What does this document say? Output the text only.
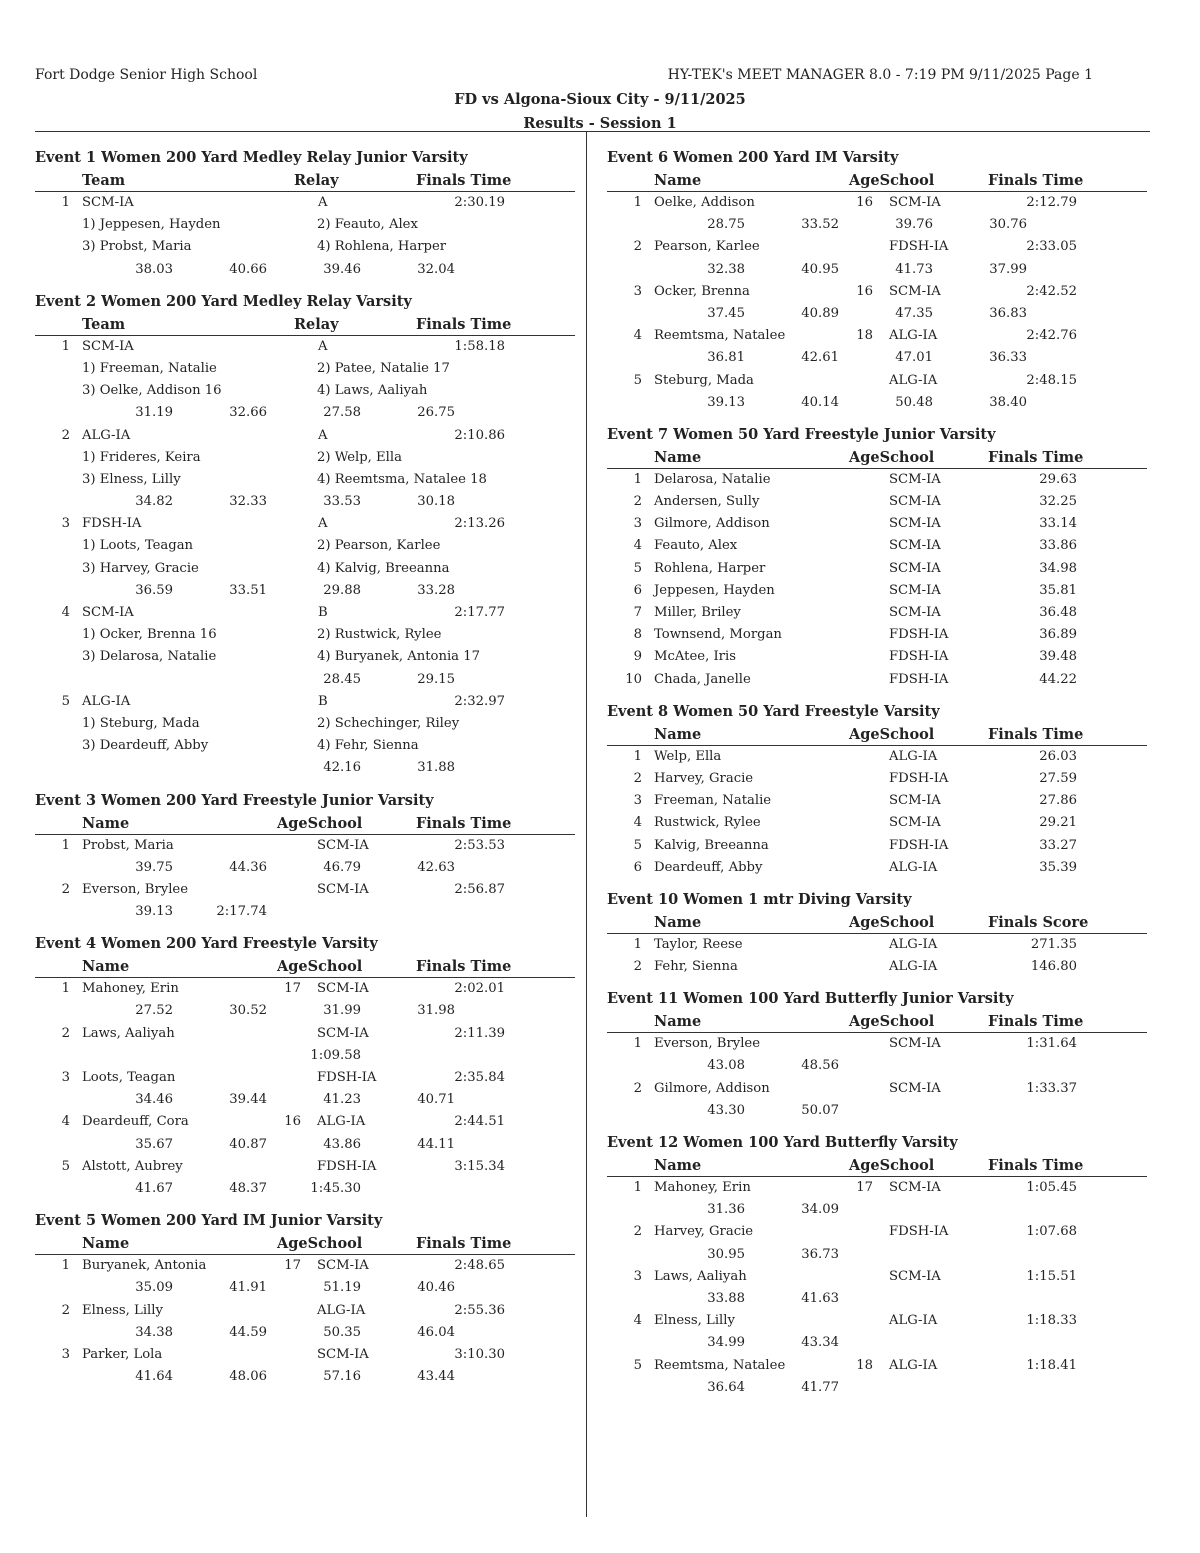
Fort Dodge Senior High School	HY-TEK's MEET MANAGER 8.0 - 7:19 PM 9/11/2025 Page 1
FD vs Algona-Sioux City - 9/11/2025
Results - Session 1
Event 1 Women 200 Yard Medley Relay Junior Varsity
Team	Relay	Finals Time
1 SCM-IA	A	2:30.19
1) Jeppesen, Hayden	2) Feauto, Alex
3) Probst, Maria	4) Rohlena, Harper
38.03	40.66	39.46	32.04
Event 2 Women 200 Yard Medley Relay Varsity
Team	Relay	Finals Time
1 SCM-IA	A	1:58.18
1) Freeman, Natalie	2) Patee, Natalie 17
3) Oelke, Addison 16	4) Laws, Aaliyah
31.19	32.66	27.58	26.75
2 ALG-IA	A	2:10.86
1) Frideres, Keira	2) Welp, Ella
3) Elness, Lilly	4) Reemtsma, Natalee 18
34.82	32.33	33.53	30.18
3 FDSH-IA	A	2:13.26
1) Loots, Teagan	2) Pearson, Karlee
3) Harvey, Gracie	4) Kalvig, Breeanna
36.59	33.51	29.88	33.28
4 SCM-IA	B	2:17.77
1) Ocker, Brenna 16	2) Rustwick, Rylee
3) Delarosa, Natalie	4) Buryanek, Antonia 17
28.45	29.15
5 ALG-IA	B	2:32.97
1) Steburg, Mada	2) Schechinger, Riley
3) Deardeuff, Abby	4) Fehr, Sienna
42.16	31.88
Event 3 Women 200 Yard Freestyle Junior Varsity
Name	AgeSchool	Finals Time
1 Probst, Maria	SCM-IA	2:53.53
39.75	44.36	46.79	42.63
2 Everson, Brylee	SCM-IA	2:56.87
39.13	2:17.74
Event 4 Women 200 Yard Freestyle Varsity
Name	AgeSchool	Finals Time
1 Mahoney, Erin	17 SCM-IA	2:02.01
27.52	30.52	31.99	31.98
2 Laws, Aaliyah	SCM-IA	2:11.39
1:09.58
3 Loots, Teagan	FDSH-IA	2:35.84
34.46	39.44	41.23	40.71
4 Deardeuff, Cora	16 ALG-IA	2:44.51
35.67	40.87	43.86	44.11
5 Alstott, Aubrey	FDSH-IA	3:15.34
41.67	48.37	1:45.30
Event 5 Women 200 Yard IM Junior Varsity
Name	AgeSchool	Finals Time
1 Buryanek, Antonia	17 SCM-IA	2:48.65
35.09	41.91	51.19	40.46
2 Elness, Lilly	ALG-IA	2:55.36
34.38	44.59	50.35	46.04
3 Parker, Lola	SCM-IA	3:10.30
41.64	48.06	57.16	43.44
Event 6 Women 200 Yard IM Varsity
Name	AgeSchool	Finals Time
1 Oelke, Addison	16 SCM-IA	2:12.79
28.75	33.52	39.76	30.76
2 Pearson, Karlee	FDSH-IA	2:33.05
32.38	40.95	41.73	37.99
3 Ocker, Brenna	16 SCM-IA	2:42.52
37.45	40.89	47.35	36.83
4 Reemtsma, Natalee	18 ALG-IA	2:42.76
36.81	42.61	47.01	36.33
5 Steburg, Mada	ALG-IA	2:48.15
39.13	40.14	50.48	38.40
Event 7 Women 50 Yard Freestyle Junior Varsity
Name	AgeSchool	Finals Time
1 Delarosa, Natalie	SCM-IA	29.63
2 Andersen, Sully	SCM-IA	32.25
3 Gilmore, Addison	SCM-IA	33.14
4 Feauto, Alex	SCM-IA	33.86
5 Rohlena, Harper	SCM-IA	34.98
6 Jeppesen, Hayden	SCM-IA	35.81
7 Miller, Briley	SCM-IA	36.48
8 Townsend, Morgan	FDSH-IA	36.89
9 McAtee, Iris	FDSH-IA	39.48
10 Chada, Janelle	FDSH-IA	44.22
Event 8 Women 50 Yard Freestyle Varsity
Name	AgeSchool	Finals Time
1 Welp, Ella	ALG-IA	26.03
2 Harvey, Gracie	FDSH-IA	27.59
3 Freeman, Natalie	SCM-IA	27.86
4 Rustwick, Rylee	SCM-IA	29.21
5 Kalvig, Breeanna	FDSH-IA	33.27
6 Deardeuff, Abby	ALG-IA	35.39
Event 10 Women 1 mtr Diving Varsity
Name	AgeSchool	Finals Score
1 Taylor, Reese	ALG-IA	271.35
2 Fehr, Sienna	ALG-IA	146.80
Event 11 Women 100 Yard Butterfly Junior Varsity
Name	AgeSchool	Finals Time
1 Everson, Brylee	SCM-IA	1:31.64
43.08	48.56
2 Gilmore, Addison	SCM-IA	1:33.37
43.30	50.07
Event 12 Women 100 Yard Butterfly Varsity
Name	AgeSchool	Finals Time
1 Mahoney, Erin	17 SCM-IA	1:05.45
31.36	34.09
2 Harvey, Gracie	FDSH-IA	1:07.68
30.95	36.73
3 Laws, Aaliyah	SCM-IA	1:15.51
33.88	41.63
4 Elness, Lilly	ALG-IA	1:18.33
34.99	43.34
5 Reemtsma, Natalee	18 ALG-IA	1:18.41
36.64	41.77
